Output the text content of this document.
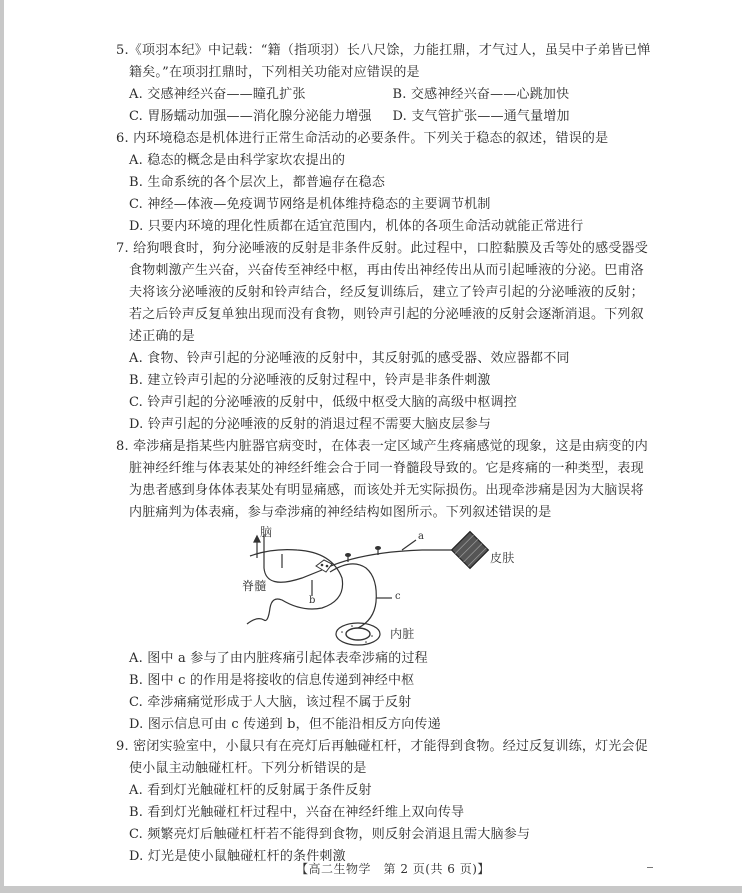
5.《项羽本纪》中记载：“籍（指项羽）长八尺馀，力能扛鼎，才气过人，虽吴中子弟皆已惮籍矣。”在项羽扛鼎时，下列相关功能对应错误的是

A. 交感神经兴奋——瞳孔扩张	B. 交感神经兴奋——心跳加快

C. 胃肠蠕动加强——消化腺分泌能力增强	D. 支气管扩张——通气量增加

6. 内环境稳态是机体进行正常生命活动的必要条件。下列关于稳态的叙述，错误的是

A. 稳态的概念是由科学家坎农提出的

B. 生命系统的各个层次上，都普遍存在稳态

C. 神经—体液—免疫调节网络是机体维持稳态的主要调节机制

D. 只要内环境的理化性质都在适宜范围内，机体的各项生命活动就能正常进行

7. 给狗喂食时，狗分泌唾液的反射是非条件反射。此过程中，口腔黏膜及舌等处的感受器受食物刺激产生兴奋，兴奋传至神经中枢，再由传出神经传出从而引起唾液的分泌。巴甫洛夫将该分泌唾液的反射和铃声结合，经反复训练后，建立了铃声引起的分泌唾液的反射；若之后铃声反复单独出现而没有食物，则铃声引起的分泌唾液的反射会逐渐消退。下列叙述正确的是

A. 食物、铃声引起的分泌唾液的反射中，其反射弧的感受器、效应器都不同

B. 建立铃声引起的分泌唾液的反射过程中，铃声是非条件刺激

C. 铃声引起的分泌唾液的反射中，低级中枢受大脑的高级中枢调控

D. 铃声引起的分泌唾液的反射的消退过程不需要大脑皮层参与

8. 牵涉痛是指某些内脏器官病变时，在体表一定区域产生疼痛感觉的现象，这是由病变的内脏神经纤维与体表某处的神经纤维会合于同一脊髓段导致的。它是疼痛的一种类型，表现为患者感到身体体表某处有明显痛感，而该处并无实际损伤。出现牵涉痛是因为大脑误将内脏痛判为体表痛，参与牵涉痛的神经结构如图所示。下列叙述错误的是

脑
脊髓
皮肤
内脏
a
b	c

A. 图中 a 参与了由内脏疼痛引起体表牵涉痛的过程

B. 图中 c 的作用是将接收的信息传递到神经中枢

C. 牵涉痛痛觉形成于人大脑，该过程不属于反射

D. 图示信息可由 c 传递到 b，但不能沿相反方向传递

9. 密闭实验室中，小鼠只有在亮灯后再触碰杠杆，才能得到食物。经过反复训练，灯光会促使小鼠主动触碰杠杆。下列分析错误的是

A. 看到灯光触碰杠杆的反射属于条件反射

B. 看到灯光触碰杠杆过程中，兴奋在神经纤维上双向传导

C. 频繁亮灯后触碰杠杆若不能得到食物，则反射会消退且需大脑参与

D. 灯光是使小鼠触碰杠杆的条件刺激

【高二生物学　第 2 页(共 6 页)】
